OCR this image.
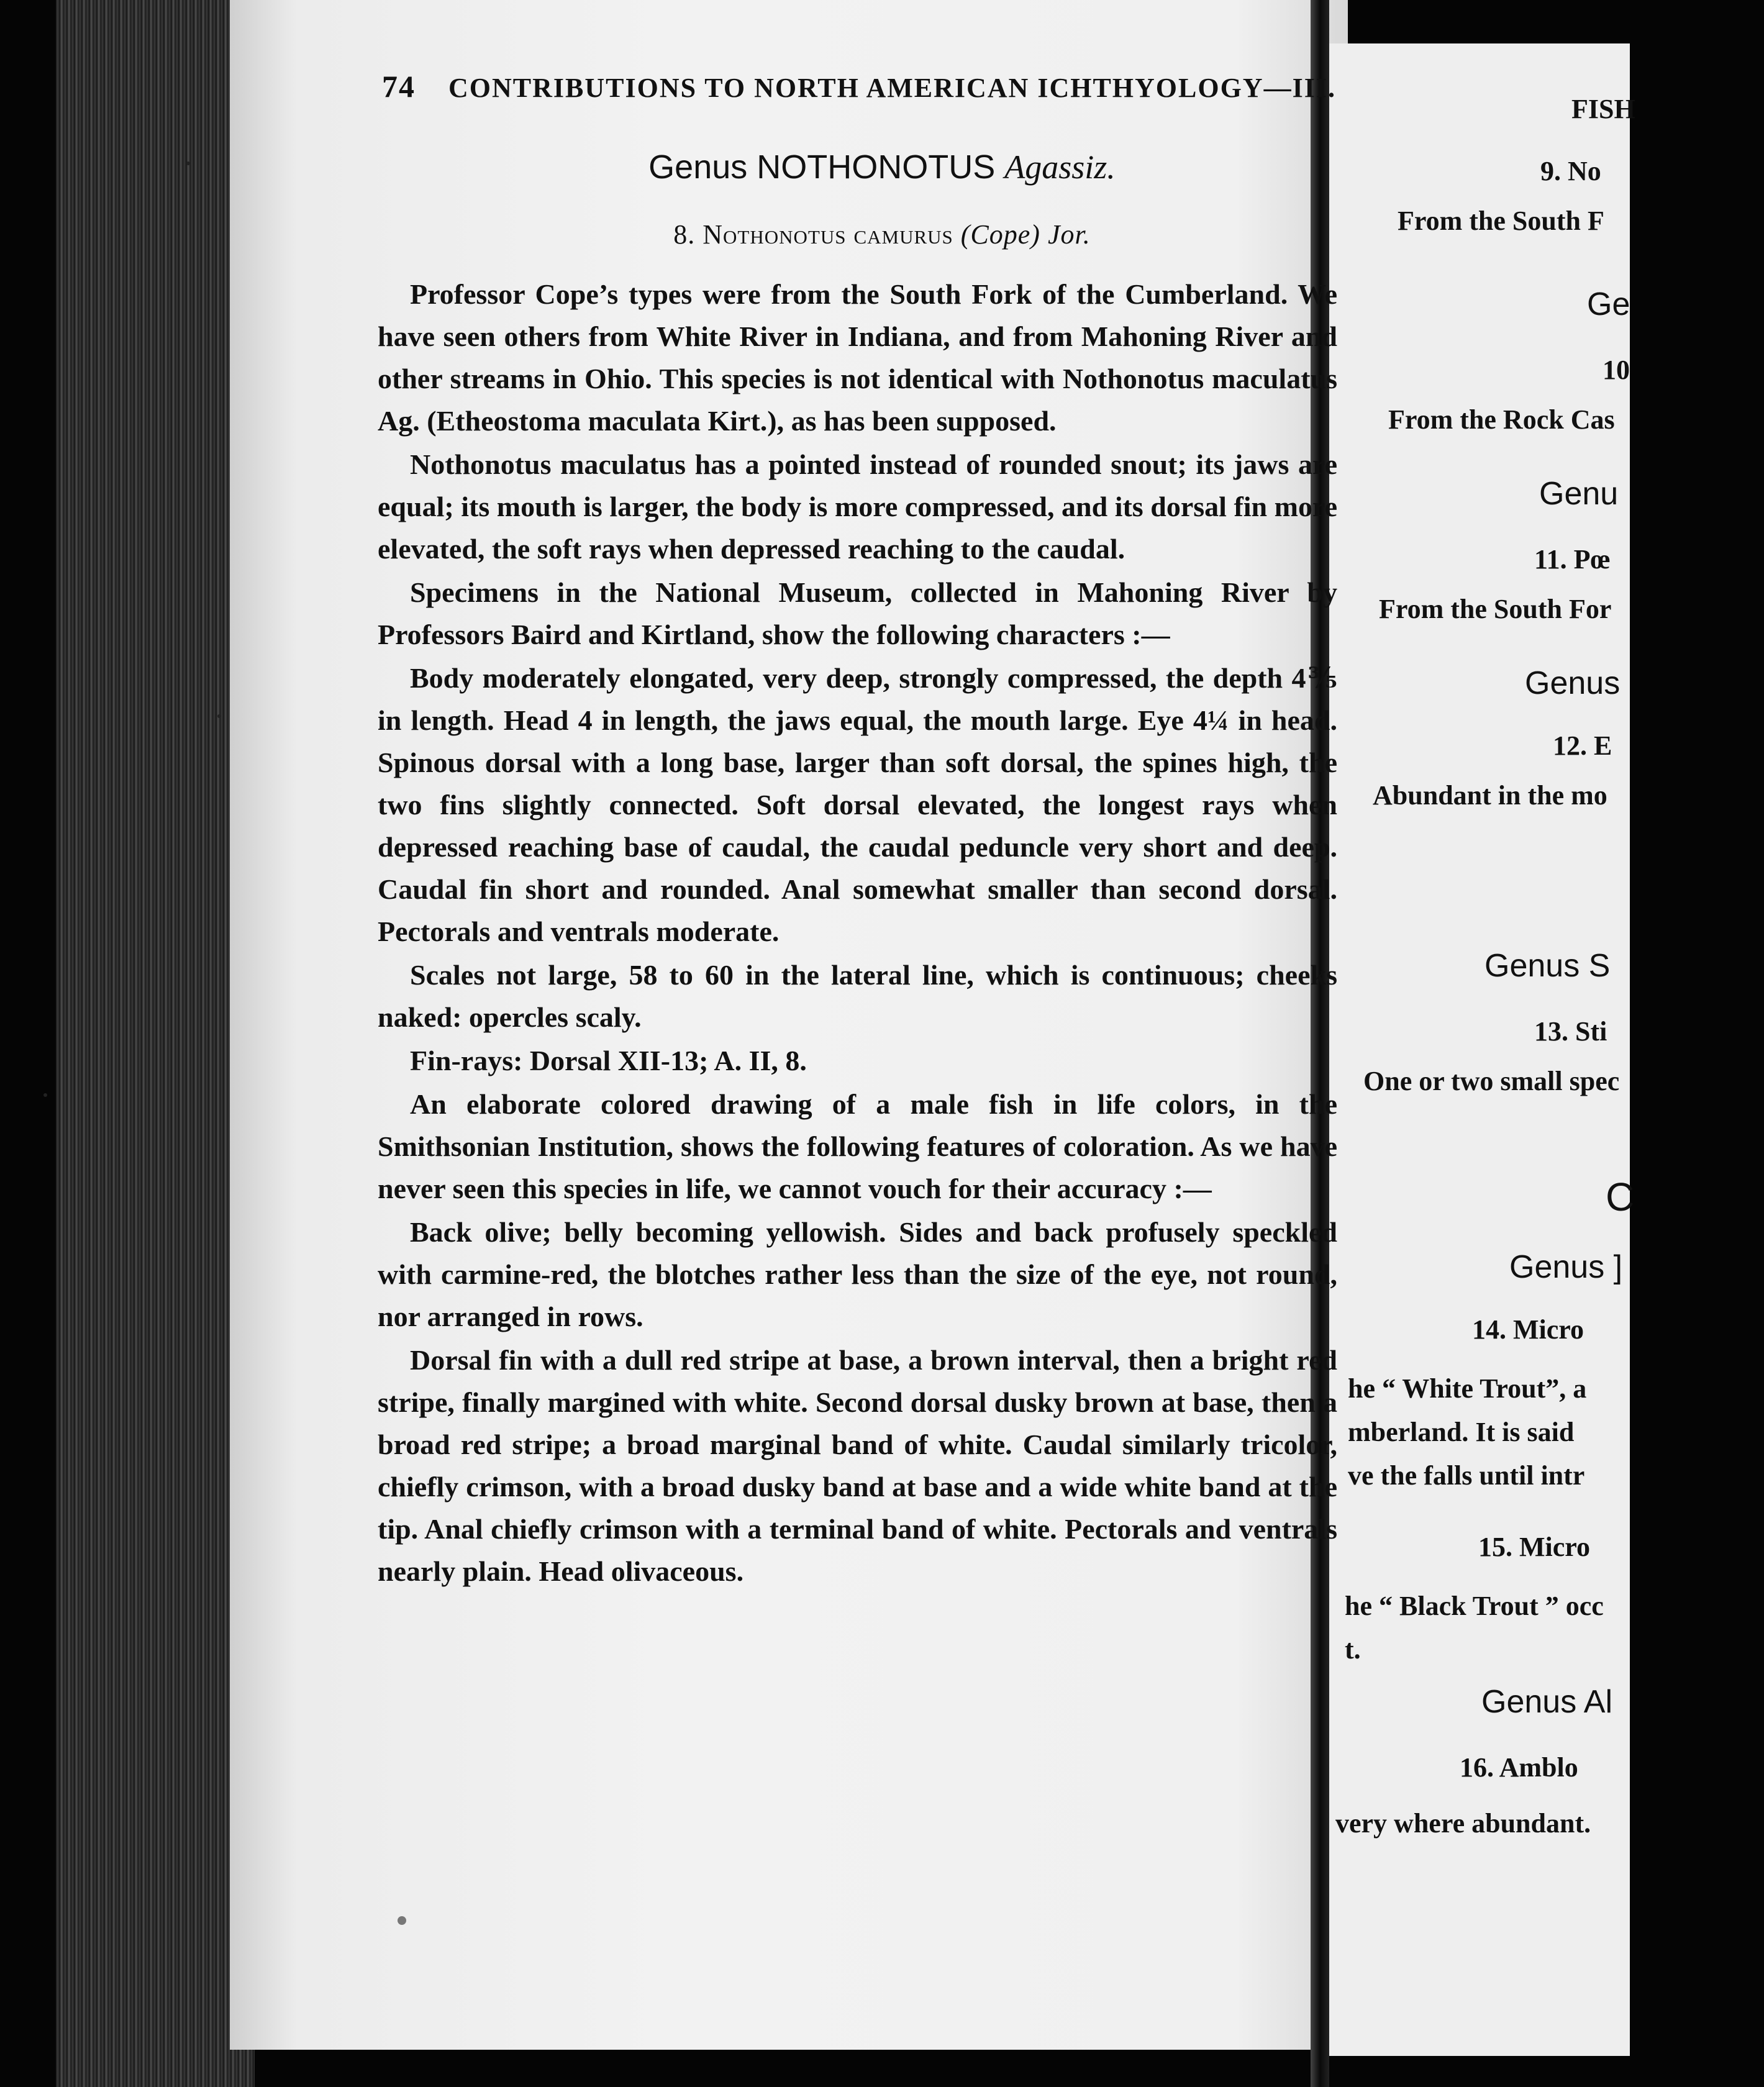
74 CONTRIBUTIONS TO NORTH AMERICAN ICHTHYOLOGY—III.
Genus NOTHONOTUS Agassiz.
8. Nothonotus camurus (Cope) Jor.

Professor Cope’s types were from the South Fork of the Cumberland. We have seen others from White River in Indiana, and from Mahoning River and other streams in Ohio. This species is not identical with Nothonotus maculatus Ag. (Etheostoma maculata Kirt.), as has been supposed.

Nothonotus maculatus has a pointed instead of rounded snout; its jaws are equal; its mouth is larger, the body is more compressed, and its dorsal fin more elevated, the soft rays when depressed reaching to the caudal.

Specimens in the National Museum, collected in Mahoning River by Professors Baird and Kirtland, show the following characters :—

Body moderately elongated, very deep, strongly compressed, the depth 4⅗ in length. Head 4 in length, the jaws equal, the mouth large. Eye 4¼ in head. Spinous dorsal with a long base, larger than soft dorsal, the spines high, the two fins slightly connected. Soft dorsal elevated, the longest rays when depressed reaching base of caudal, the caudal peduncle very short and deep. Caudal fin short and rounded. Anal somewhat smaller than second dorsal. Pectorals and ventrals moderate.

Scales not large, 58 to 60 in the lateral line, which is continuous; cheeks naked: opercles scaly.

Fin-rays: Dorsal XII-13; A. II, 8.

An elaborate colored drawing of a male fish in life colors, in the Smithsonian Institution, shows the following features of coloration. As we have never seen this species in life, we cannot vouch for their accuracy :—

Back olive; belly becoming yellowish. Sides and back profusely speckled with carmine-red, the blotches rather less than the size of the eye, not round, nor arranged in rows.

Dorsal fin with a dull red stripe at base, a brown interval, then a bright red stripe, finally margined with white. Second dorsal dusky brown at base, then a broad red stripe; a broad marginal band of white. Caudal similarly tricolor, chiefly crimson, with a broad dusky band at base and a wide white band at the tip. Anal chiefly crimson with a terminal band of white. Pectorals and ventrals nearly plain. Head olivaceous.

FISH
9. No
From the South F
Ge
10
From the Rock Cas
Genu
11. Pœ
From the South For
Genus
12. E
Abundant in the mo
Genus S
13. Sti
One or two small spec
C
Genus ]
14. Micro
he “ White Trout”, a
mberland. It is said
ve the falls until intr
15. Micro
he “ Black Trout ” occ
t.
Genus Al
16. Amblo
very where abundant.
